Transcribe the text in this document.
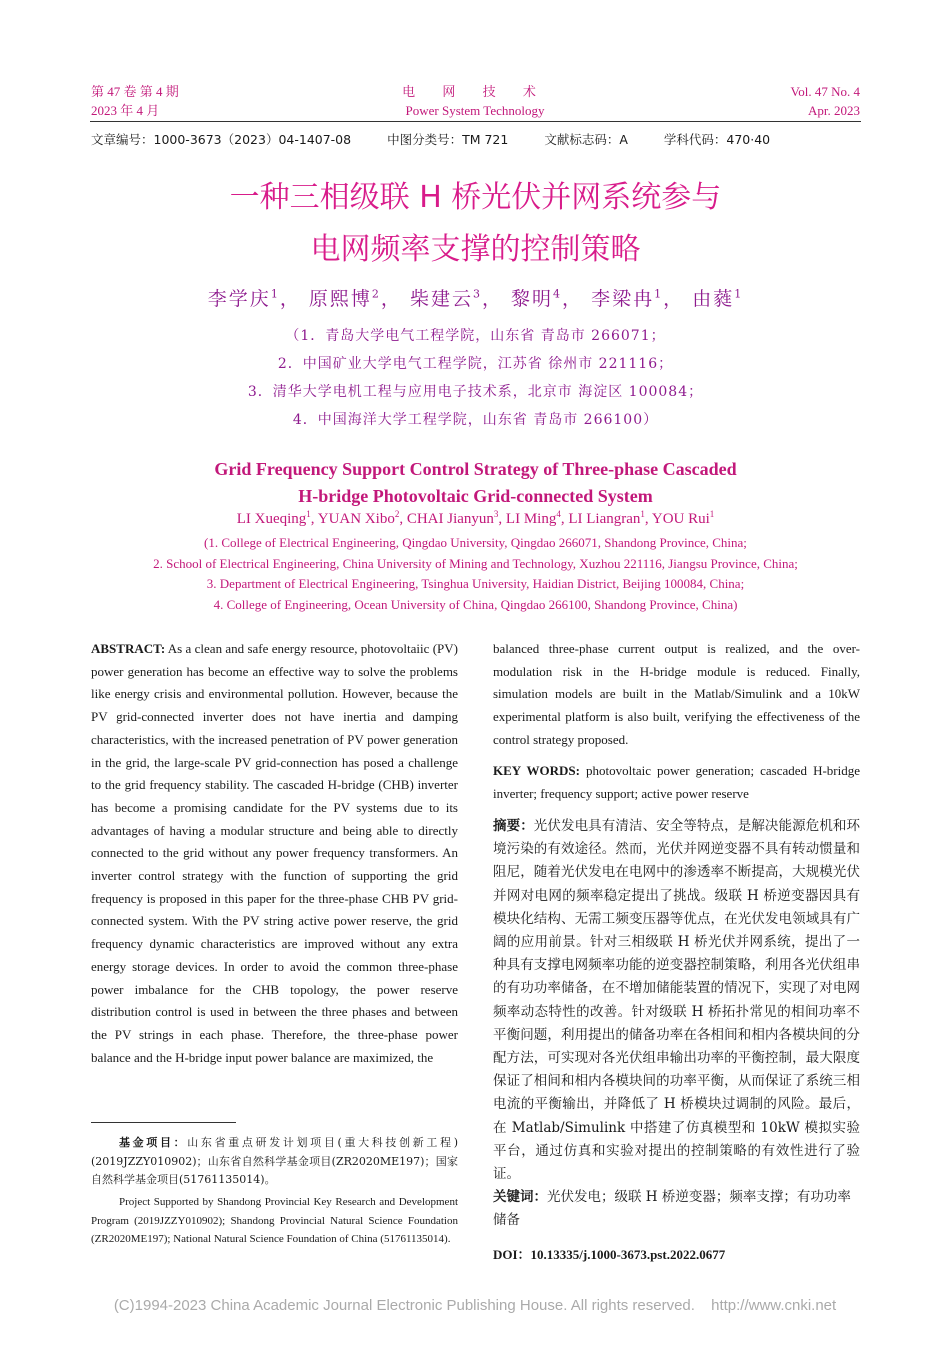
第 47 卷 第 4 期
2023 年 4 月
电 网 技 术
Power System Technology
Vol. 47 No. 4
Apr. 2023
文章编号：1000-3673（2023）04-1407-08	中图分类号：TM 721	文献标志码：A	学科代码：470·40
一种三相级联 H 桥光伏并网系统参与
电网频率支撑的控制策略
李学庆$^1$， 原熙博$^2$， 柴建云$^3$， 黎明$^4$， 李梁冉$^1$， 由蕤$^1$
（1．青岛大学电气工程学院，山东省 青岛市 266071；
2．中国矿业大学电气工程学院，江苏省 徐州市 221116；
3．清华大学电机工程与应用电子技术系，北京市 海淀区 100084；
4．中国海洋大学工程学院，山东省 青岛市 266100）
Grid Frequency Support Control Strategy of Three-phase Cascaded
H-bridge Photovoltaic Grid-connected System
LI Xueqing$^1$, YUAN Xibo$^2$, CHAI Jianyun$^3$, LI Ming$^4$, LI Liangran$^1$, YOU Rui$^1$
(1. College of Electrical Engineering, Qingdao University, Qingdao 266071, Shandong Province, China;
2. School of Electrical Engineering, China University of Mining and Technology, Xuzhou 221116, Jiangsu Province, China;
3. Department of Electrical Engineering, Tsinghua University, Haidian District, Beijing 100084, China;
4. College of Engineering, Ocean University of China, Qingdao 266100, Shandong Province, China)
ABSTRACT: As a clean and safe energy resource, photovoltaiic (PV) power generation has become an effective way to solve the problems like energy crisis and environmental pollution. However, because the PV grid-connected inverter does not have inertia and damping characteristics, with the increased penetration of PV power generation in the grid, the large-scale PV grid-connection has posed a challenge to the grid frequency stability. The cascaded H-bridge (CHB) inverter has become a promising candidate for the PV systems due to its advantages of having a modular structure and being able to directly connected to the grid without any power frequency transformers. An inverter control strategy with the function of supporting the grid frequency is proposed in this paper for the three-phase CHB PV grid-connected system. With the PV string active power reserve, the grid frequency dynamic characteristics are improved without any extra energy storage devices. In order to avoid the common three-phase power imbalance for the CHB topology, the power reserve distribution control is used in between the three phases and between the PV strings in each phase. Therefore, the three-phase power balance and the H-bridge input power balance are maximized, the
基金项目：山东省重点研发计划项目(重大科技创新工程)(2019JZZY010902)；山东省自然科学基金项目(ZR2020ME197)；国家自然科学基金项目(51761135014)。
Project Supported by Shandong Provincial Key Research and Development Program (2019JZZY010902); Shandong Provincial Natural Science Foundation (ZR2020ME197); National Natural Science Foundation of China (51761135014).
balanced three-phase current output is realized, and the over-modulation risk in the H-bridge module is reduced. Finally, simulation models are built in the Matlab/Simulink and a 10kW experimental platform is also built, verifying the effectiveness of the control strategy proposed.
KEY WORDS: photovoltaic power generation; cascaded H-bridge inverter; frequency support; active power reserve
摘要：光伏发电具有清洁、安全等特点，是解决能源危机和环境污染的有效途径。然而，光伏并网逆变器不具有转动惯量和阻尼，随着光伏发电在电网中的渗透率不断提高，大规模光伏并网对电网的频率稳定提出了挑战。级联 H 桥逆变器因具有模块化结构、无需工频变压器等优点，在光伏发电领域具有广阔的应用前景。针对三相级联 H 桥光伏并网系统，提出了一种具有支撑电网频率功能的逆变器控制策略，利用各光伏组串的有功功率储备，在不增加储能装置的情况下，实现了对电网频率动态特性的改善。针对级联 H 桥拓扑常见的相间功率不平衡问题，利用提出的储备功率在各相间和相内各模块间的分配方法，可实现对各光伏组串输出功率的平衡控制，最大限度保证了相间和相内各模块间的功率平衡，从而保证了系统三相电流的平衡输出，并降低了 H 桥模块过调制的风险。最后，在 Matlab/Simulink 中搭建了仿真模型和 10kW 模拟实验平台，通过仿真和实验对提出的控制策略的有效性进行了验证。
关键词：光伏发电；级联 H 桥逆变器；频率支撑；有功功率储备
DOI：10.13335/j.1000-3673.pst.2022.0677
(C)1994-2023 China Academic Journal Electronic Publishing House. All rights reserved. http://www.cnki.net
